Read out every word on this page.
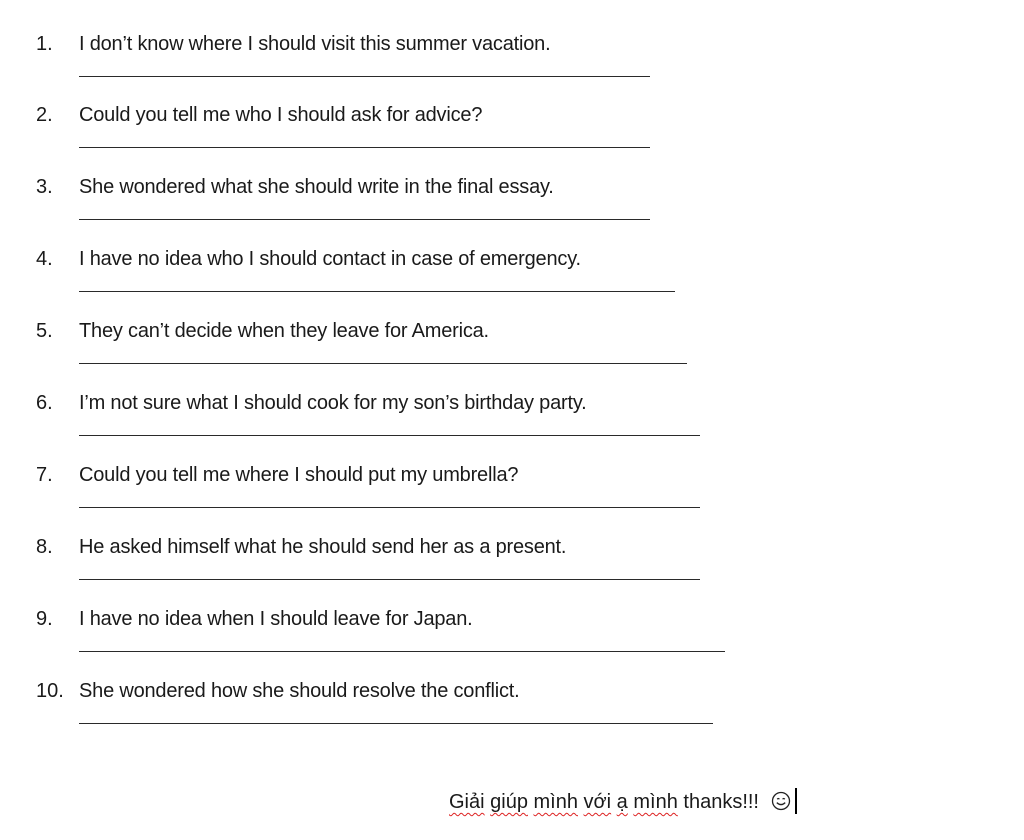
1. I don’t know where I should visit this summer vacation.
2. Could you tell me who I should ask for advice?
3. She wondered what she should write in the final essay.
4. I have no idea who I should contact in case of emergency.
5. They can’t decide when they leave for America.
6. I’m not sure what I should cook for my son’s birthday party.
7. Could you tell me where I should put my umbrella?
8. He asked himself what he should send her as a present.
9. I have no idea when I should leave for Japan.
10. She wondered how she should resolve the conflict.
Giải giúp mình với ạ mình thanks!!!
